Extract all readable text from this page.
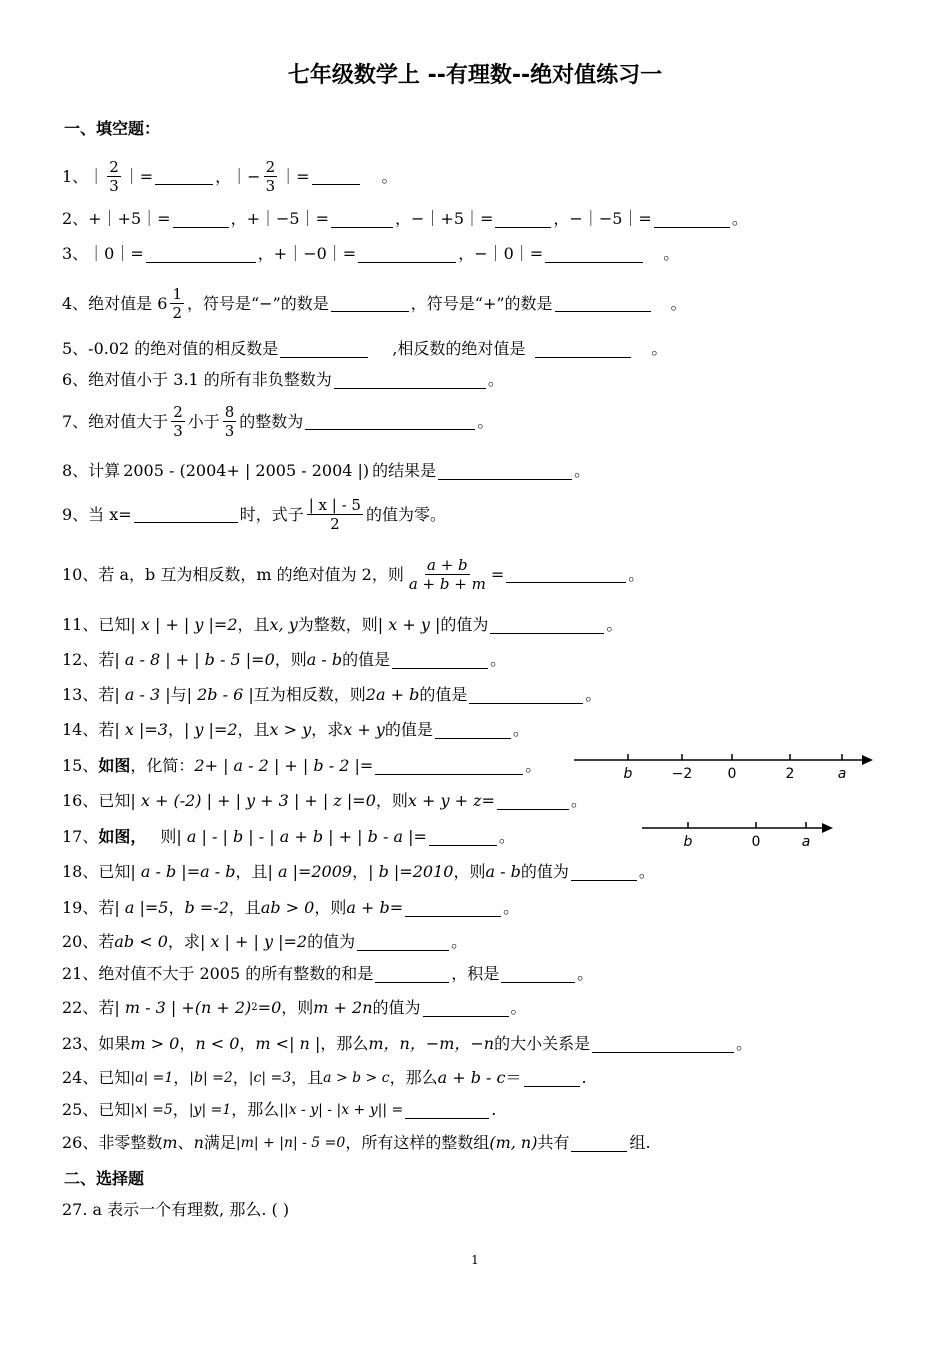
七年级数学上 --有理数--绝对值练习一
一、填空题：
1、｜ $\frac{2}{3}$ ｜=	，｜− $\frac{2}{3}$ ｜=	。
2、+｜+5｜=	，+｜−5｜=	，−｜+5｜=	，−｜−5｜=	。
3、｜0｜=	，+｜−0｜=	，−｜0｜=	。
4、绝对值是 $6 \frac{1}{2}$ ，符号是“−”的数是	，符号是“+”的数是	。
5、-0.02 的绝对值的相反数是	,相反数的绝对值是	。
6、绝对值小于 3.1 的所有非负整数为	。
7、绝对值大于 $\frac{2}{3}$ 小于 $\frac{8}{3}$ 的整数为	。
8、计算 2005 - (2004+ | 2005 - 2004 |) 的结果是	。
9、当 x=	时，式子 $\frac{| x | - 5}{2}$ 的值为零。
10、若 a，b 互为相反数，m 的绝对值为 2，则 $\frac{a + b}{a + b + m}$ =	。
11、已知 | x | + | y |=2 ，且 x, y 为整数，则 | x + y | 的值为	。
12、若 | a - 8 | + | b - 5 |=0 ，则 a - b 的值是	。
13、若 | a - 3 | 与 | 2b - 6 | 互为相反数，则 2a + b 的值是	。
14、若 | x |=3 ， | y |=2 ，且 x > y ，求 x + y 的值是	。
15、 如图 ，化简： 2+ | a - 2 | + | b - 2 |=	。	b	−2	0	2	a
16、已知 | x + (-2) | + | y + 3 | + | z |=0 ，则 x + y + z =	。
17、 如图， 则 | a | - | b | - | a + b | + | b - a |=	。	b	0	a
18、已知 | a - b |=a - b ，且 | a |=2009 ， | b |=2010 ，则 a - b 的值为	。
19、若 | a |=5 ， b =-2 ，且 ab > 0 ，则 a + b =	。
20、若 ab < 0 ，求 | x | + | y |=2 的值为	。
21、绝对值不大于 2005 的所有整数的和是	，积是	。
22、若 | m - 3 | +(n + 2) 2 =0 ，则 m + 2n 的值为	。
23、如果 m > 0 ， n < 0 ， m <| n | ，那么 m，n，−m，−n 的大小关系是	。
24、已知 |a| =1 ， |b| =2 ， |c| =3 ，且 a > b > c ，那么 a + b - c ＝	.
25、已知 |x| =5 ， |y| =1 ，那么 ||x - y| - |x + y|| =	.
26、非零整数 m 、 n 满足 |m| + |n| - 5 =0 ，所有这样的整数组 (m, n) 共有	组.
二、选择题
27. a 表示一个有理数, 那么. ( )
1
